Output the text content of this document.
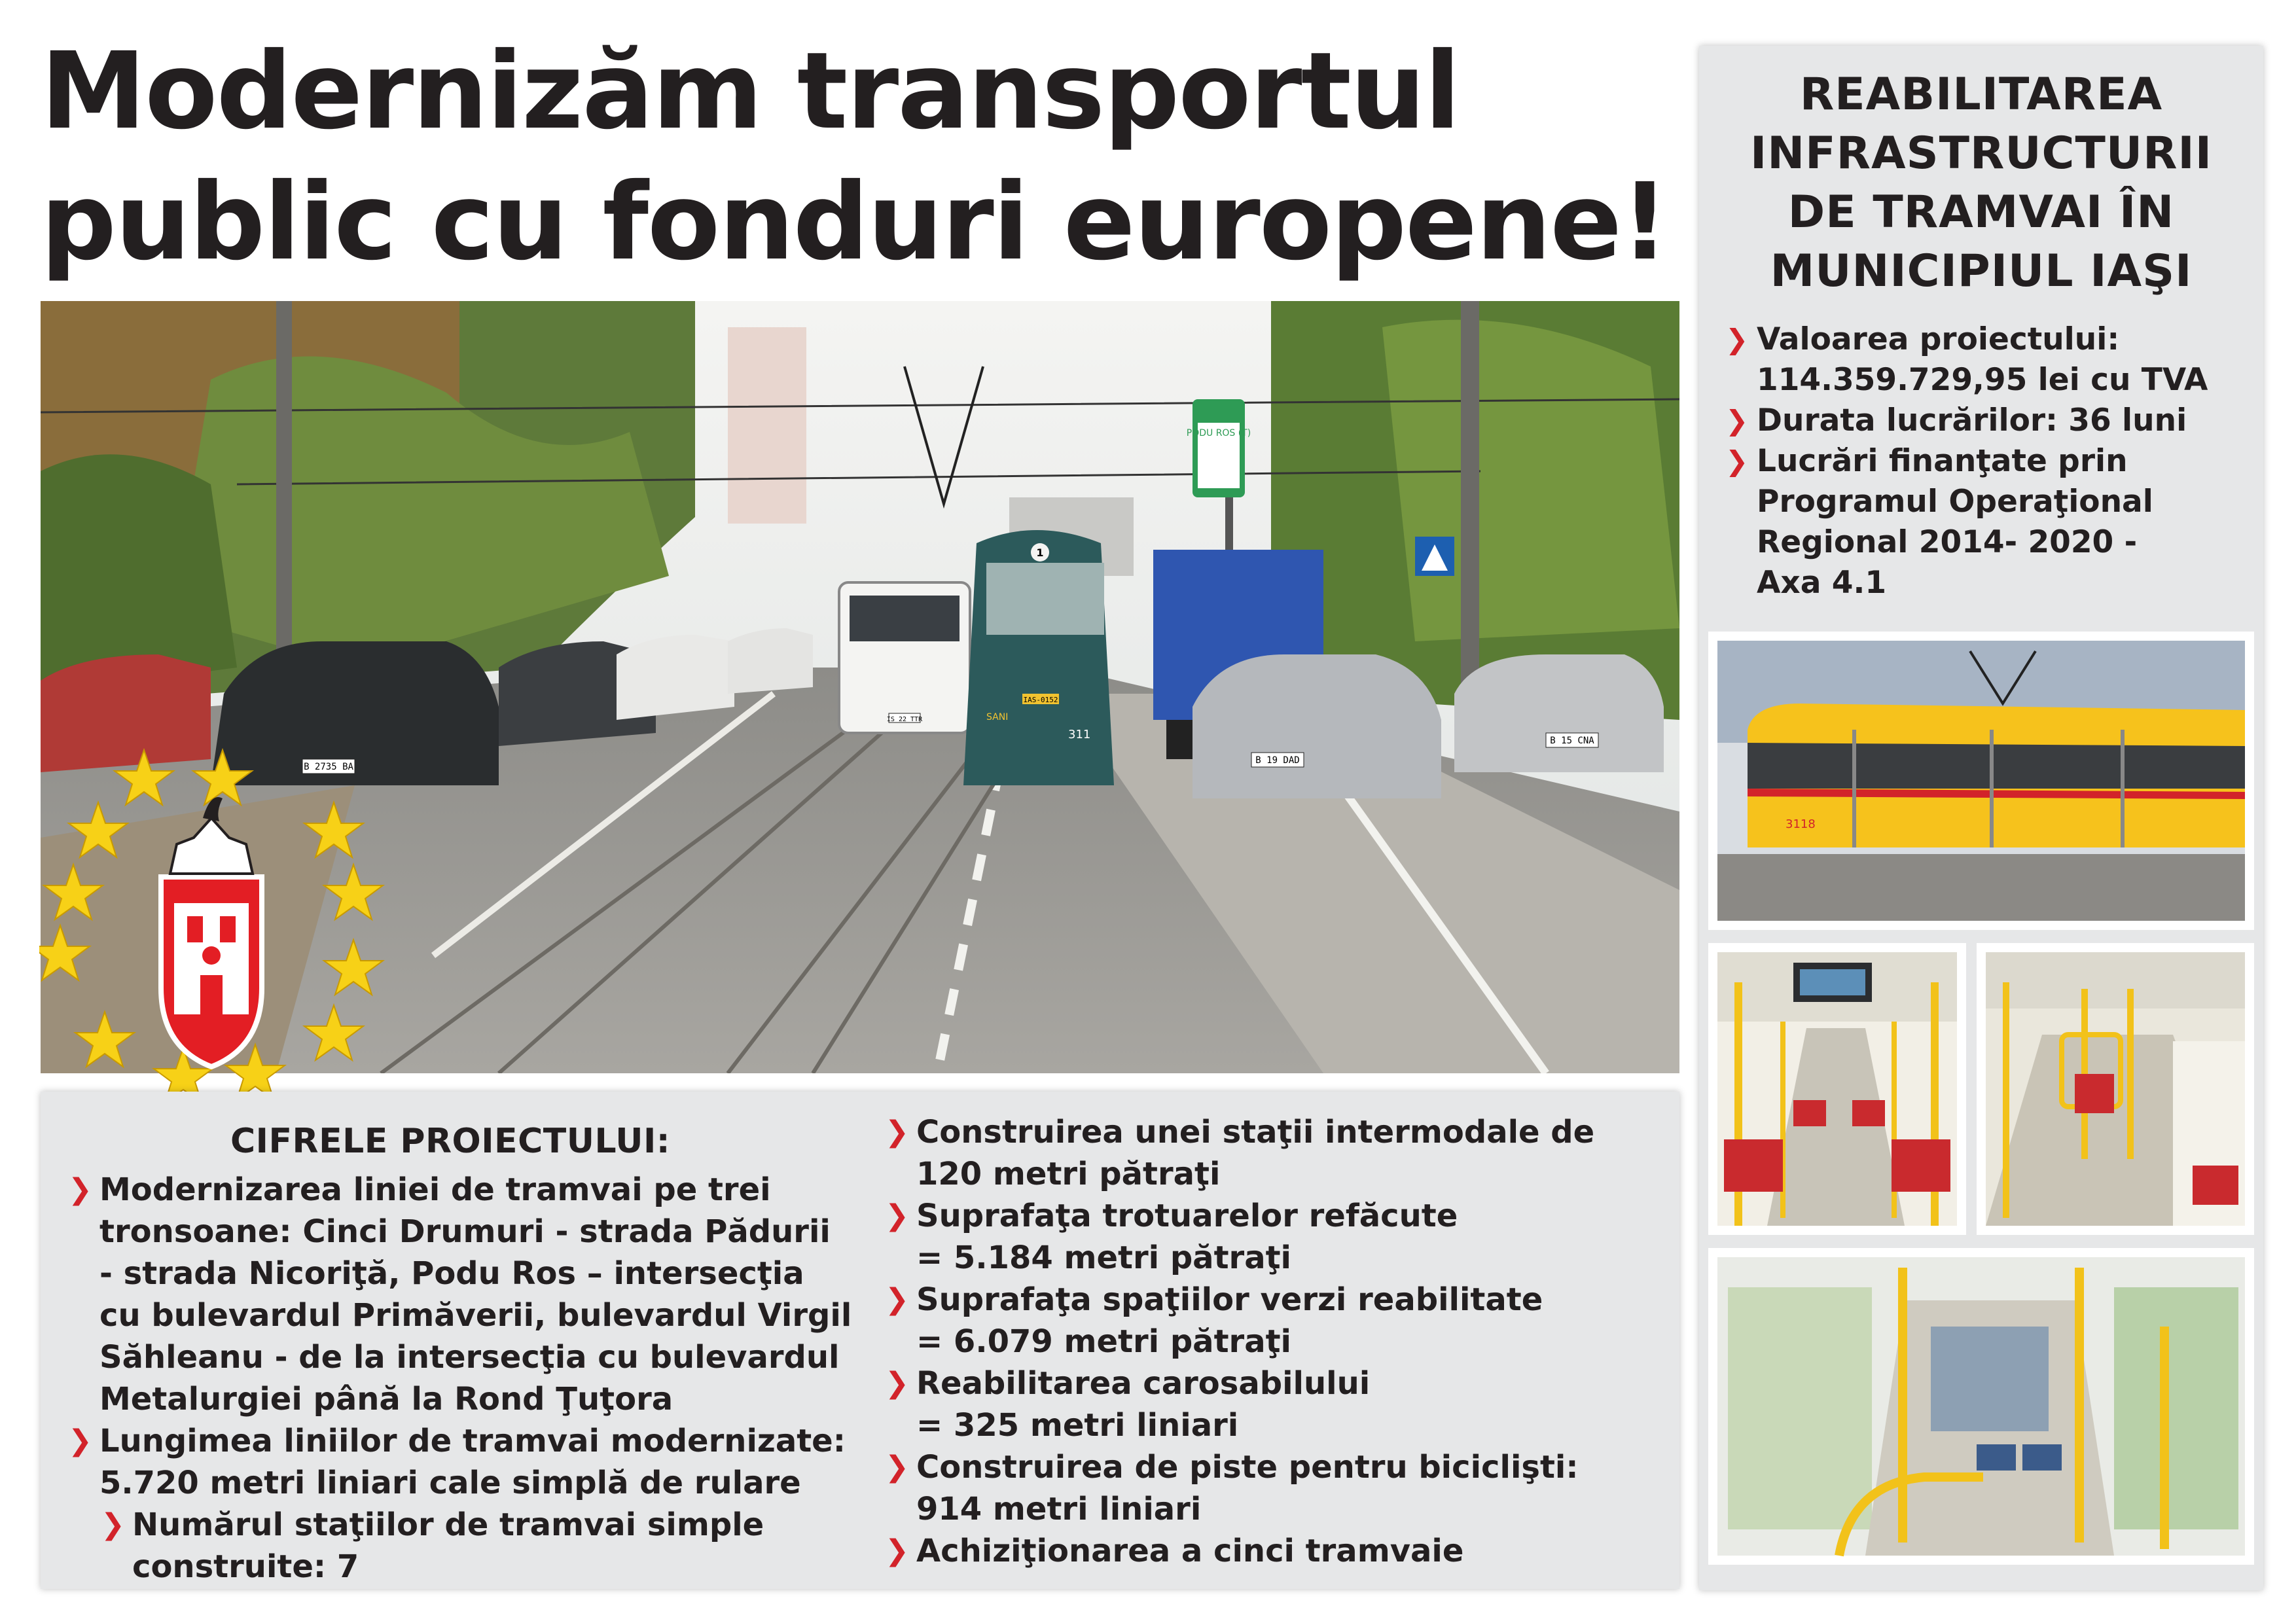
Modernizăm transportul
public cu fonduri europene!
PODU ROS (T)
IS 22 TTR
1
IAS-0152
311
SANI
B 19 DAD
B 15 CNA
B 2735 BA
CIFRELE PROIECTULUI:
❯ Modernizarea liniei de tramvai pe trei
tronsoane: Cinci Drumuri - strada Pădurii
- strada Nicoriţă, Podu Ros – intersecţia
cu bulevardul Primăverii, bulevardul Virgil
Săhleanu - de la intersecţia cu bulevardul
Metalurgiei până la Rond Ţuţora
❯ Lungimea liniilor de tramvai modernizate:
5.720 metri liniari cale simplă de rulare
❯ Numărul staţiilor de tramvai simple
construite: 7
❯ Construirea unei staţii intermodale de
120 metri pătraţi
❯ Suprafaţa trotuarelor refăcute
= 5.184 metri pătraţi
❯ Suprafaţa spaţiilor verzi reabilitate
= 6.079 metri pătraţi
❯ Reabilitarea carosabilului
= 325 metri liniari
❯ Construirea de piste pentru biciclişti:
914 metri liniari
❯ Achiziţionarea a cinci tramvaie
REABILITAREA
INFRASTRUCTURII
DE TRAMVAI ÎN
MUNICIPIUL IAŞI
❯ Valoarea proiectului:
114.359.729,95 lei cu TVA
❯ Durata lucrărilor: 36 luni
❯ Lucrări finanţate prin
Programul Operaţional
Regional 2014- 2020 -
Axa 4.1
3118
